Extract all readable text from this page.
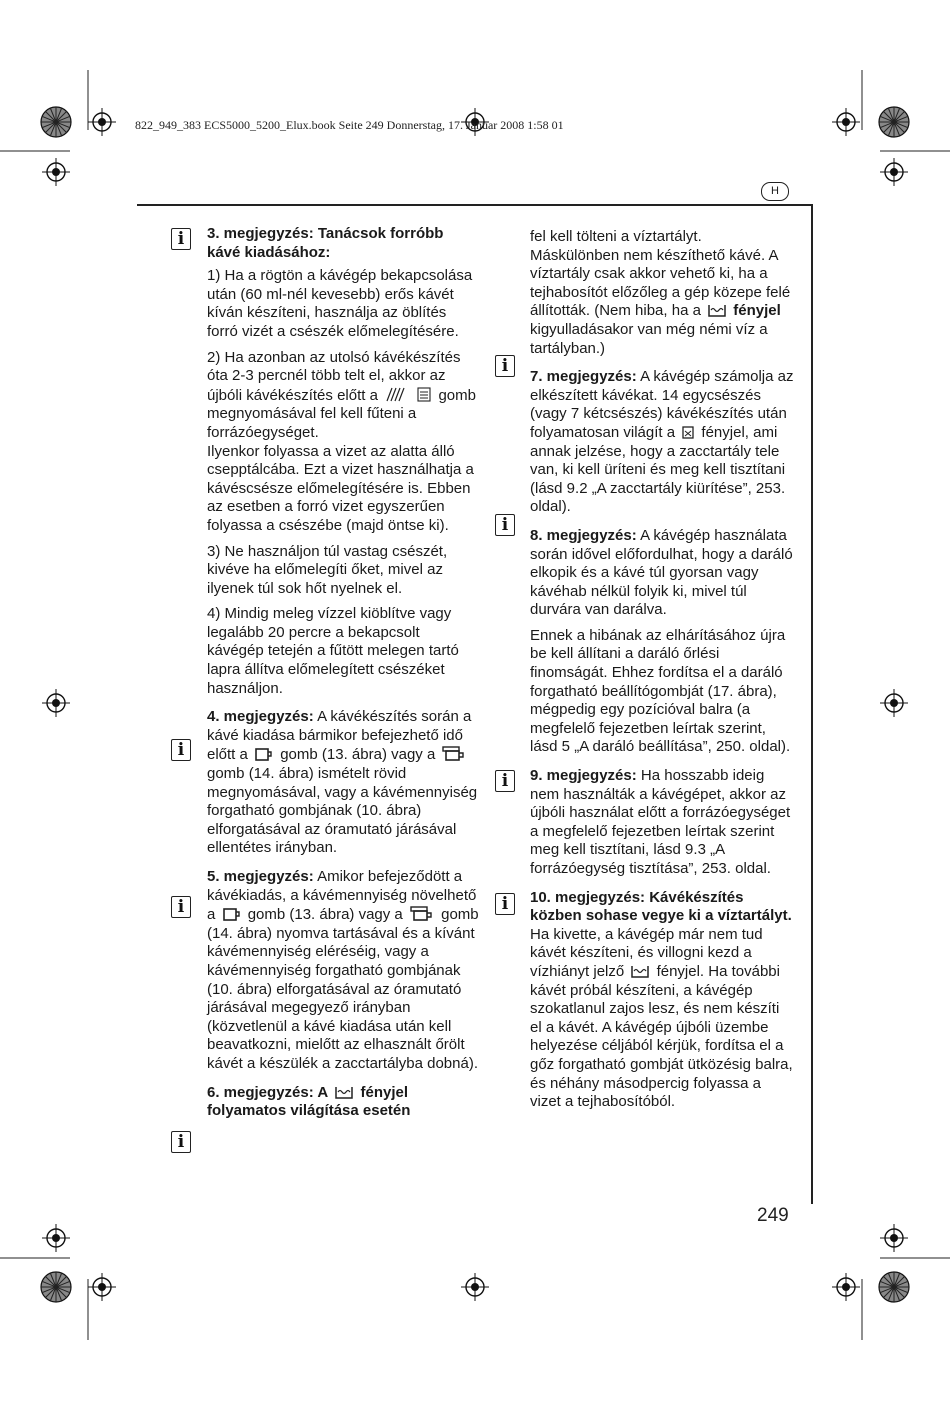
822_949_383 ECS5000_5200_Elux.book Seite 249 Donnerstag, 17. Januar 2008 1:58 01
H
i
i
i
i
i
i
i
i

3. megjegyzés: Tanácsok forróbb kávé kiadásához:

1) Ha a rögtön a kávégép bekapcsolása után (60 ml-nél kevesebb) erős kávét kíván készíteni, használja az öblítés forró vizét a csészék előmelegítésére.

2) Ha azonban az utolsó kávékészítés óta 2-3 percnél több telt el, akkor az újbóli kávékészítés előtt a	gomb megnyomásával fel kell fűteni a forrázóegységet.

Ilyenkor folyassa a vizet az alatta álló csepptálcába. Ezt a vizet használhatja a kávéscsésze előmelegítésére is. Ebben az esetben a forró vizet egyszerűen folyassa a csészébe (majd öntse ki).

3) Ne használjon túl vastag csészét, kivéve ha előmelegíti őket, mivel az ilyenek túl sok hőt nyelnek el.

4) Mindig meleg vízzel kiöblítve vagy legalább 20 percre a bekapcsolt kávégép tetején a fűtött melegen tartó lapra állítva előmelegített csészéket használjon.

4. megjegyzés: A kávékészítés során a kávé kiadása bármikor befejezhető idő előtt a gomb (13. ábra) vagy a  gomb (14. ábra) ismételt rövid megnyomásával, vagy a kávémennyiség forgatható gombjának (10. ábra) elforgatásával az óramutató járásával ellentétes irányban.

5. megjegyzés: Amikor befejeződött a kávékiadás, a kávémennyiség növelhető a gomb (13. ábra) vagy a	gomb (14. ábra) nyomva tartásával és a kívánt kávémennyiség eléréséig, vagy a kávémennyiség forgatható gombjának (10. ábra) elforgatásával az óramutató járásával megegyező irányban (közvetlenül a kávé kiadása után kell beavatkozni, mielőtt az elhasznált őrölt kávét a készülék a zacctartályba dobná).

6. megjegyzés: A fényjel folyamatos világítása esetén

fel kell tölteni a víztartályt. Máskülönben nem készíthető kávé. A víztartály csak akkor vehető ki, ha a tejhabosítót előzőleg a gép közepe felé állították. (Nem hiba, ha a fényjel kigyulladásakor van még némi víz a tartályban.)

7. megjegyzés: A kávégép számolja az elkészített kávékat. 14 egycsészés (vagy 7 kétcsészés) kávékészítés után folyamatosan világít a fényjel, ami annak jelzése, hogy a zacctartály tele van, ki kell üríteni és meg kell tisztítani (lásd 9.2 „A zacctartály kiürítése”, 253. oldal).

8. megjegyzés: A kávégép használata során idővel előfordulhat, hogy a daráló elkopik és a kávé túl gyorsan vagy kávéhab nélkül folyik ki, mivel túl durvára van darálva.

Ennek a hibának az elhárításához újra be kell állítani a daráló őrlési finomságát. Ehhez fordítsa el a daráló forgatható beállítógombját (17. ábra), mégpedig egy pozícióval balra (a megfelelő fejezetben leírtak szerint, lásd 5 „A daráló beállítása”, 250. oldal).

9. megjegyzés: Ha hosszabb ideig nem használták a kávégépet, akkor az újbóli használat előtt a forrázóegységet a megfelelő fejezetben leírtak szerint meg kell tisztítani, lásd 9.3 „A forrázóegység tisztítása”, 253. oldal.

10. megjegyzés: Kávékészítés közben sohase vegye ki a víztartályt. Ha kivette, a kávégép már nem tud kávét készíteni, és villogni kezd a vízhiányt jelző fényjel. Ha további kávét próbál készíteni, a kávégép szokatlanul zajos lesz, és nem készíti el a kávét. A kávégép újbóli üzembe helyezése céljából kérjük, fordítsa el a gőz forgatható gombját ütközésig balra, és néhány másodpercig folyassa a vizet a tejhabosítóból.

249
